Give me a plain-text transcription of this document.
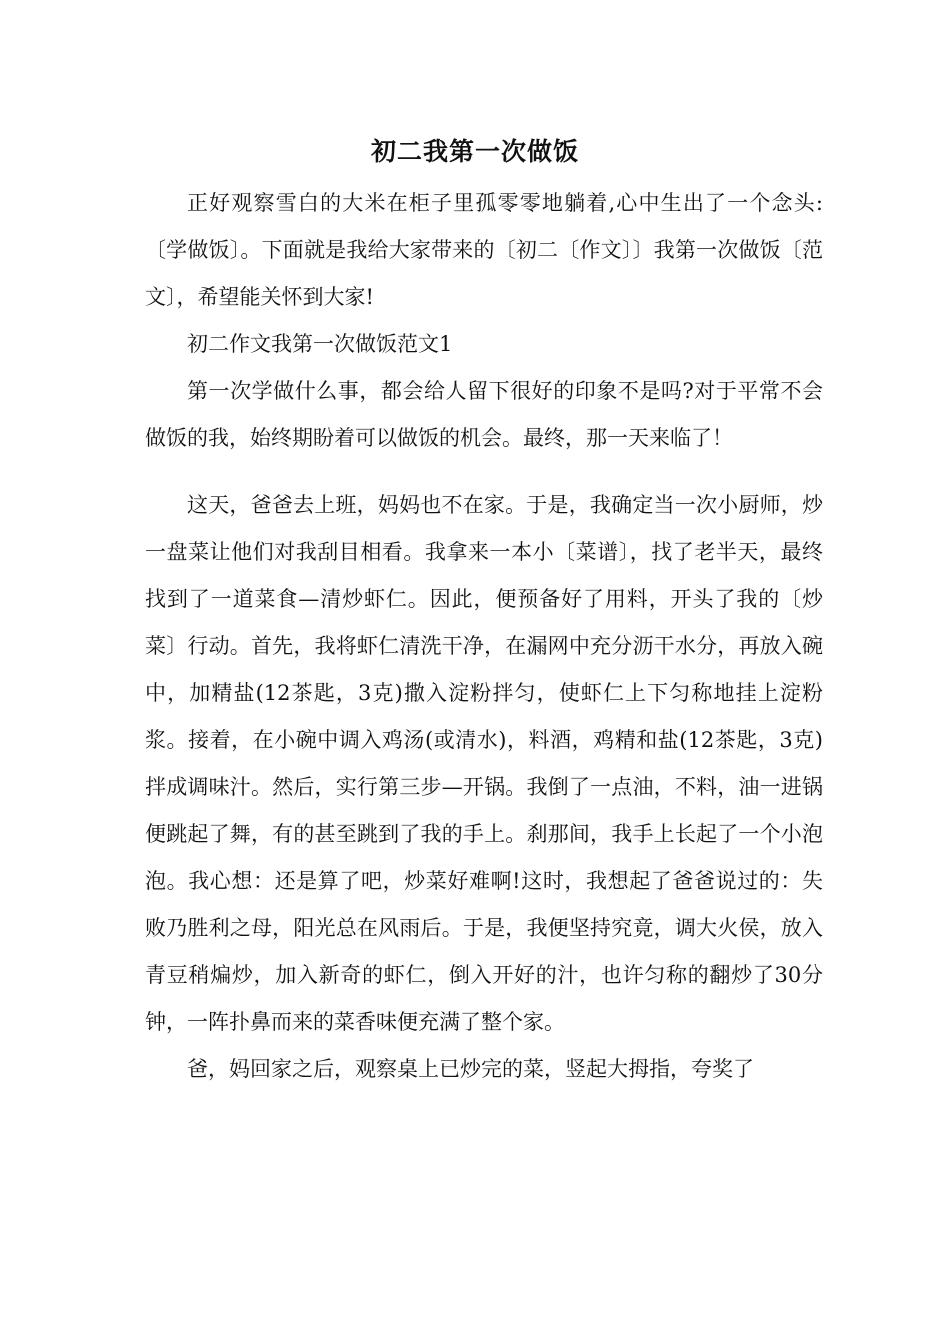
初二我第一次做饭

正好观察雪白的大米在柜子里孤零零地躺着,心中生出了一个念头:〔学做饭〕。下面就是我给大家带来的〔初二〔作文〕〕我第一次做饭〔范文〕，希望能关怀到大家!

初二作文我第一次做饭范文1

第一次学做什么事，都会给人留下很好的印象不是吗?对于平常不会做饭的我，始终期盼着可以做饭的机会。最终，那一天来临了！

这天，爸爸去上班，妈妈也不在家。于是，我确定当一次小厨师，炒一盘菜让他们对我刮目相看。我拿来一本小〔菜谱〕，找了老半天，最终找到了一道菜食—清炒虾仁。因此，便预备好了用料，开头了我的〔炒菜〕行动。首先，我将虾仁清洗干净，在漏网中充分沥干水分，再放入碗中，加精盐(12茶匙，3克)撒入淀粉拌匀，使虾仁上下匀称地挂上淀粉浆。接着，在小碗中调入鸡汤(或清水)，料酒，鸡精和盐(12茶匙，3克)拌成调味汁。然后，实行第三步—开锅。我倒了一点油，不料，油一进锅便跳起了舞，有的甚至跳到了我的手上。刹那间，我手上长起了一个小泡泡。我心想：还是算了吧，炒菜好难啊!这时，我想起了爸爸说过的：失败乃胜利之母，阳光总在风雨后。于是，我便坚持究竟，调大火侯，放入青豆稍煸炒，加入新奇的虾仁，倒入开好的汁，也许匀称的翻炒了30分钟，一阵扑鼻而来的菜香味便充满了整个家。

爸，妈回家之后，观察桌上已炒完的菜，竖起大拇指，夸奖了
